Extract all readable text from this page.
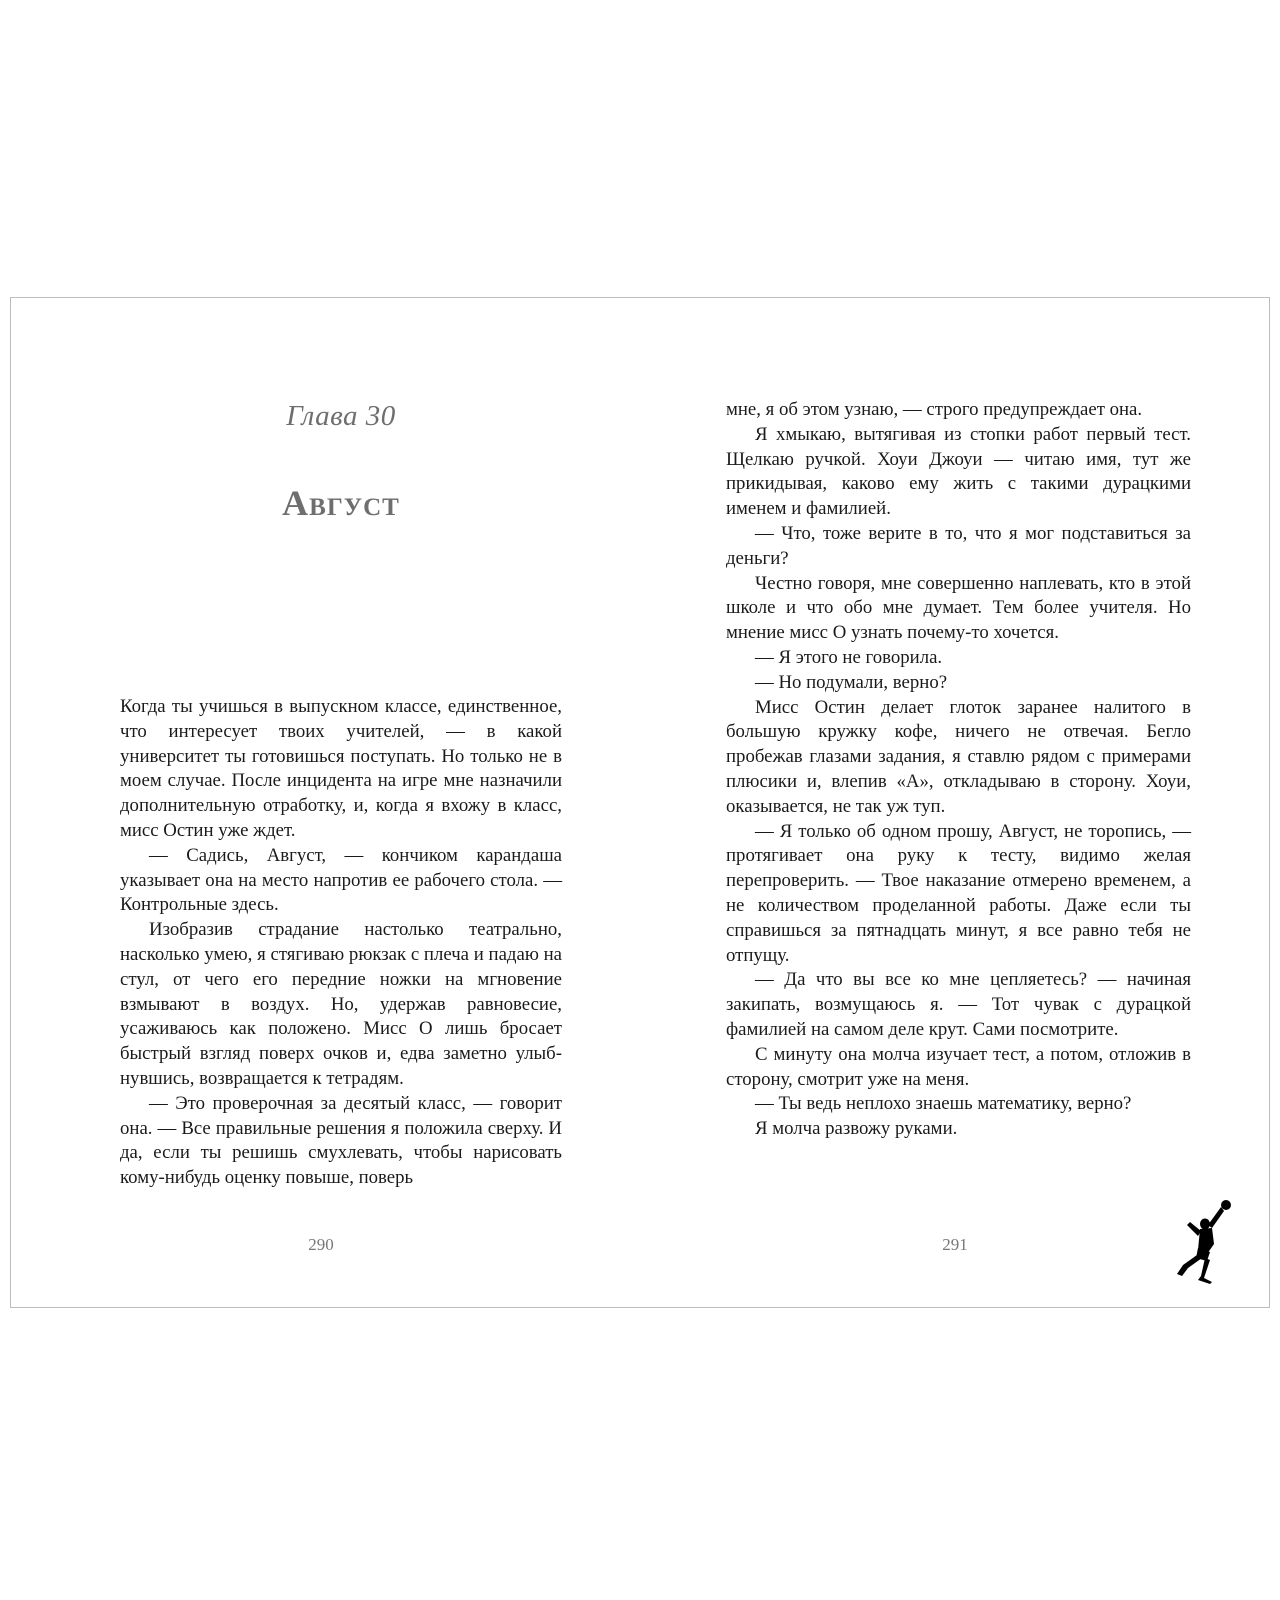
Глава 30
Август

Когда ты учишься в выпускном классе, единственное, что интересует твоих учителей, — в какой университет ты готовишься поступать. Но только не в моем случае. После инцидента на игре мне назначили дополнительную отработку, и, когда я вхожу в класс, мисс Остин уже ждет.

— Садись, Август, — кончиком карандаша указывает она на место напротив ее рабочего стола. — Контрольные здесь.

Изобразив страдание настолько театрально, насколько умею, я стягиваю рюкзак с плеча и падаю на стул, от чего его передние ножки на мгновение взмывают в воздух. Но, удержав равновесие, усаживаюсь как положено. Мисс О лишь бросает быстрый взгляд поверх очков и, едва заметно улыбнувшись, возвращается к тетрадям.

— Это проверочная за десятый класс, — говорит она. — Все правильные решения я положила сверху. И да, если ты решишь смухлевать, чтобы нарисовать кому-нибудь оценку повыше, поверь

мне, я об этом узнаю, — строго предупреждает она.

Я хмыкаю, вытягивая из стопки работ первый тест. Щелкаю ручкой. Хоуи Джоуи — читаю имя, тут же прикидывая, каково ему жить с такими дурацкими именем и фамилией.

— Что, тоже верите в то, что я мог подставиться за деньги?

Честно говоря, мне совершенно наплевать, кто в этой школе и что обо мне думает. Тем более учителя. Но мнение мисс О узнать почему-то хочется.

— Я этого не говорила.

— Но подумали, верно?

Мисс Остин делает глоток заранее налитого в большую кружку кофе, ничего не отвечая. Бегло пробежав глазами задания, я ставлю рядом с примерами плюсики и, влепив «А», откладываю в сторону. Хоуи, оказывается, не так уж туп.

— Я только об одном прошу, Август, не торопись, — протягивает она руку к тесту, видимо желая перепроверить. — Твое наказание отмерено временем, а не количеством проделанной работы. Даже если ты справишься за пятнадцать минут, я все равно тебя не отпущу.

— Да что вы все ко мне цепляетесь? — начиная закипать, возмущаюсь я. — Тот чувак с дурацкой фамилией на самом деле крут. Сами посмотрите.

С минуту она молча изучает тест, а потом, отложив в сторону, смотрит уже на меня.

— Ты ведь неплохо знаешь математику, верно?

Я молча развожу руками.

290	291
